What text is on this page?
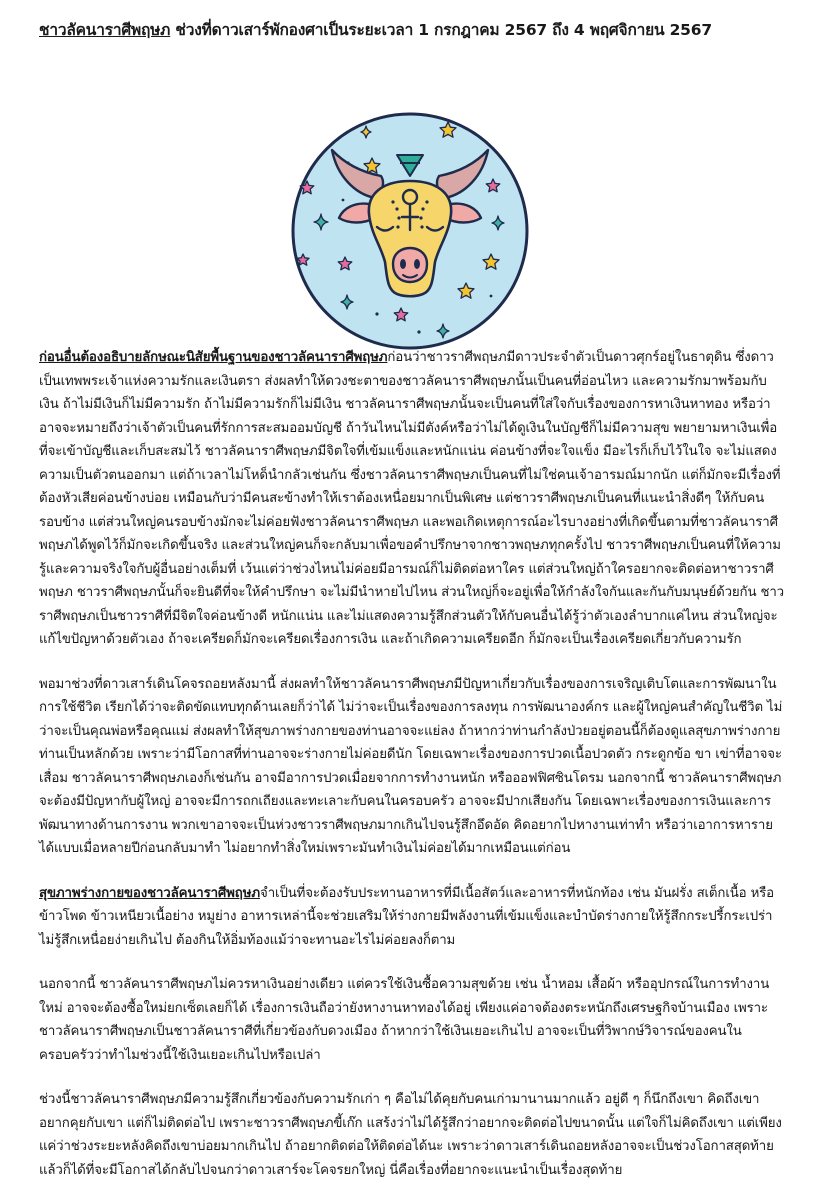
ชาวลัคนาราศีพฤษภ ช่วงที่ดาวเสาร์พักองศาเป็นระยะเวลา 1 กรกฎาคม 2567 ถึง 4 พฤศจิกายน 2567

ก่อนอื่นต้องอธิบายลักษณะนิสัยพื้นฐานของชาวลัคนาราศีพฤษภก่อนว่าชาวราศีพฤษภมีดาวประจำตัวเป็นดาวศุกร์อยู่ในธาตุดิน ซึ่งดาวเป็นเทพพระเจ้าแห่งความรักและเงินตรา ส่งผลทำให้ดวงชะตาของชาวลัคนาราศีพฤษภนั้นเป็นคนที่อ่อนไหว และความรักมาพร้อมกับเงิน ถ้าไม่มีเงินก็ไม่มีความรัก ถ้าไม่มีความรักก็ไม่มีเงิน ชาวลัคนาราศีพฤษภนั้นจะเป็นคนที่ใส่ใจกับเรื่องของการหาเงินหาทอง หรือว่าอาจจะหมายถึงว่าเจ้าตัวเป็นคนที่รักการสะสมออมบัญชี ถ้าวันไหนไม่มีตังค์หรือว่าไม่ได้ดูเงินในบัญชีก็ไม่มีความสุข พยายามหาเงินเพื่อที่จะเข้าบัญชีและเก็บสะสมไว้ ชาวลัคนาราศีพฤษภมีจิตใจที่เข้มแข็งและหนักแน่น ค่อนข้างที่จะใจแข็ง มีอะไรก็เก็บไว้ในใจ จะไม่แสดงความเป็นตัวตนออกมา แต่ถ้าเวลาไม่โหด็นำกลัวเช่นกัน ซึ่งชาวลัคนาราศีพฤษภเป็นคนที่ไม่ใช่คนเจ้าอารมณ์มากนัก แต่ก็มักจะมีเรื่องที่ต้องหัวเสียค่อนข้างบ่อย เหมือนกับว่ามีคนสะข้างทำให้เราต้องเหนื่อยมากเป็นพิเศษ แต่ชาวราศีพฤษภเป็นคนที่แนะนำสิ่งดีๆ ให้กับคนรอบข้าง แต่ส่วนใหญ่คนรอบข้างมักจะไม่ค่อยฟังชาวลัคนาราศีพฤษภ และพอเกิดเหตุการณ์อะไรบางอย่างที่เกิดขึ้นตามที่ชาวลัคนาราศีพฤษภได้พูดไว้ก็มักจะเกิดขึ้นจริง และส่วนใหญ่คนก็จะกลับมาเพื่อขอคำปรึกษาจากชาวพฤษภทุกครั้งไป ชาวราศีพฤษภเป็นคนที่ให้ความรู้และความจริงใจกับผู้อื่นอย่างเต็มที่ เว้นแต่ว่าช่วงไหนไม่ค่อยมีอารมณ์ก็ไม่ติดต่อหาใคร แต่ส่วนใหญ่ถ้าใครอยากจะติดต่อหาชาวราศีพฤษภ ชาวราศีพฤษภนั้นก็จะยินดีที่จะให้คำปรึกษา จะไม่มีนำหายไปไหน ส่วนใหญ่ก็จะอยู่เพื่อให้กำลังใจกันและกันกับมนุษย์ด้วยกัน ชาวราศีพฤษภเป็นชาวราศีที่มีจิตใจค่อนข้างดี หนักแน่น และไม่แสดงความรู้สึกส่วนตัวให้กับคนอื่นได้รู้ว่าตัวเองลำบากแค่ไหน ส่วนใหญ่จะแก้ไขปัญหาด้วยตัวเอง ถ้าจะเครียดก็มักจะเครียดเรื่องการเงิน และถ้าเกิดความเครียดอีก ก็มักจะเป็นเรื่องเครียดเกี่ยวกับความรัก

พอมาช่วงที่ดาวเสาร์เดินโคจรถอยหลังมานี้ ส่งผลทำให้ชาวลัคนาราศีพฤษภมีปัญหาเกี่ยวกับเรื่องของการเจริญเติบโตและการพัฒนาในการใช้ชีวิต เรียกได้ว่าจะติดขัดแทบทุกด้านเลยก็ว่าได้ ไม่ว่าจะเป็นเรื่องของการลงทุน การพัฒนาองค์กร และผู้ใหญ่คนสำคัญในชีวิต ไม่ว่าจะเป็นคุณพ่อหรือคุณแม่ ส่งผลทำให้สุขภาพร่างกายของท่านอาจจะแย่ลง ถ้าหากว่าท่านกำลังป่วยอยู่ตอนนี้ก็ต้องดูแลสุขภาพร่างกายท่านเป็นหลักด้วย เพราะว่ามีโอกาสที่ท่านอาจจะร่างกายไม่ค่อยดีนัก โดยเฉพาะเรื่องของการปวดเนื้อปวดตัว กระดูกข้อ ขา เข่าที่อาจจะเสื่อม ชาวลัคนาราศีพฤษภเองก็เช่นกัน อาจมีอาการปวดเมื่อยจากการทำงานหนัก หรือออฟฟิศซินโดรม นอกจากนี้ ชาวลัคนาราศีพฤษภจะต้องมีปัญหากับผู้ใหญ่ อาจจะมีการถกเถียงและทะเลาะกับคนในครอบครัว อาจจะมีปากเสียงกัน โดยเฉพาะเรื่องของการเงินและการพัฒนาทางด้านการงาน พวกเขาอาจจะเป็นห่วงชาวราศีพฤษภมากเกินไปจนรู้สึกอึดอัด คิดอยากไปหางานเท่าทำ หรือว่าเอาการหารายได้แบบเมื่อหลายปีก่อนกลับมาทำ ไม่อยากทำสิ่งใหม่เพราะมันทำเงินไม่ค่อยได้มากเหมือนแต่ก่อน

สุขภาพร่างกายของชาวลัคนาราศีพฤษภจำเป็นที่จะต้องรับประทานอาหารที่มีเนื้อสัตว์และอาหารที่หนักท้อง เช่น มันฝรั่ง สเต็กเนื้อ หรือข้าวโพด ข้าวเหนียวเนื้อย่าง หมูย่าง อาหารเหล่านี้จะช่วยเสริมให้ร่างกายมีพลังงานที่เข้มแข็งและบำบัดร่างกายให้รู้สึกกระปรี้กระเปร่า ไม่รู้สึกเหนื่อยง่ายเกินไป ต้องกินให้อิ่มท้องแม้ว่าจะทานอะไรไม่ค่อยลงก็ตาม

นอกจากนี้ ชาวลัคนาราศีพฤษภไม่ควรหาเงินอย่างเดียว แต่ควรใช้เงินซื้อความสุขด้วย เช่น น้ำหอม เสื้อผ้า หรืออุปกรณ์ในการทำงานใหม่ อาจจะต้องซื้อใหม่ยกเซ็ตเลยก็ได้ เรื่องการเงินถือว่ายังหางานหาทองได้อยู่ เพียงแค่อาจต้องตระหนักถึงเศรษฐกิจบ้านเมือง เพราะชาวลัคนาราศีพฤษภเป็นชาวลัคนาราศีที่เกี่ยวข้องกับดวงเมือง ถ้าหากว่าใช้เงินเยอะเกินไป อาจจะเป็นที่วิพากษ์วิจารณ์ของคนในครอบครัวว่าทำไมช่วงนี้ใช้เงินเยอะเกินไปหรือเปล่า

ช่วงนี้ชาวลัคนาราศีพฤษภมีความรู้สึกเกี่ยวข้องกับความรักเก่า ๆ คือไม่ได้คุยกับคนเก่ามานานมากแล้ว อยู่ดี ๆ ก็นึกถึงเขา คิดถึงเขา อยากคุยกับเขา แต่ก็ไม่ติดต่อไป เพราะชาวราศีพฤษภขี้เก๊ก แสร้งว่าไม่ได้รู้สึกว่าอยากจะติดต่อไปขนาดนั้น แต่ใจก็ไม่คิดถึงเขา แต่เพียงแค่ว่าช่วงระยะหลังคิดถึงเขาบ่อยมากเกินไป ถ้าอยากติดต่อให้ติดต่อได้นะ เพราะว่าดาวเสาร์เดินถอยหลังอาจจะเป็นช่วงโอกาสสุดท้าย แล้วก็ได้ที่จะมีโอกาสได้กลับไปจนกว่าดาวเสาร์จะโคจรยกใหญ่ นี่คือเรื่องที่อยากจะแนะนำเป็นเรื่องสุดท้าย
